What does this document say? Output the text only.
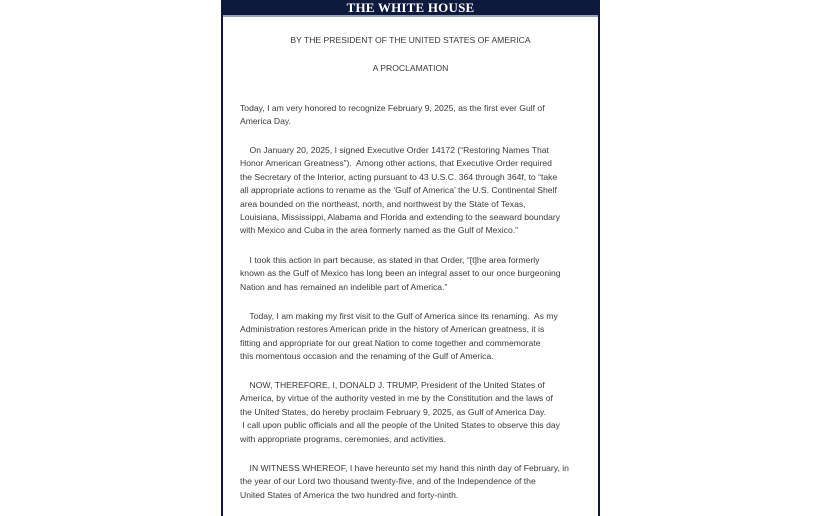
THE WHITE HOUSE
BY THE PRESIDENT OF THE UNITED STATES OF AMERICA
A PROCLAMATION

Today, I am very honored to recognize February 9, 2025, as the first ever Gulf of
America Day.

On January 20, 2025, I signed Executive Order 14172 (“Restoring Names That
Honor American Greatness”).  Among other actions, that Executive Order required
the Secretary of the Interior, acting pursuant to 43 U.S.C. 364 through 364f, to “take
all appropriate actions to rename as the ‘Gulf of America’ the U.S. Continental Shelf
area bounded on the northeast, north, and northwest by the State of Texas,
Louisiana, Mississippi, Alabama and Florida and extending to the seaward boundary
with Mexico and Cuba in the area formerly named as the Gulf of Mexico.”

I took this action in part because, as stated in that Order, “[t]he area formerly
known as the Gulf of Mexico has long been an integral asset to our once burgeoning
Nation and has remained an indelible part of America.”

Today, I am making my first visit to the Gulf of America since its renaming.  As my
Administration restores American pride in the history of American greatness, it is
fitting and appropriate for our great Nation to come together and commemorate
this momentous occasion and the renaming of the Gulf of America.

NOW, THEREFORE, I, DONALD J. TRUMP, President of the United States of
America, by virtue of the authority vested in me by the Constitution and the laws of
the United States, do hereby proclaim February 9, 2025, as Gulf of America Day.
I call upon public officials and all the people of the United States to observe this day
with appropriate programs, ceremonies, and activities.

IN WITNESS WHEREOF, I have hereunto set my hand this ninth day of February, in
the year of our Lord two thousand twenty-five, and of the Independence of the
United States of America the two hundred and forty-ninth.
